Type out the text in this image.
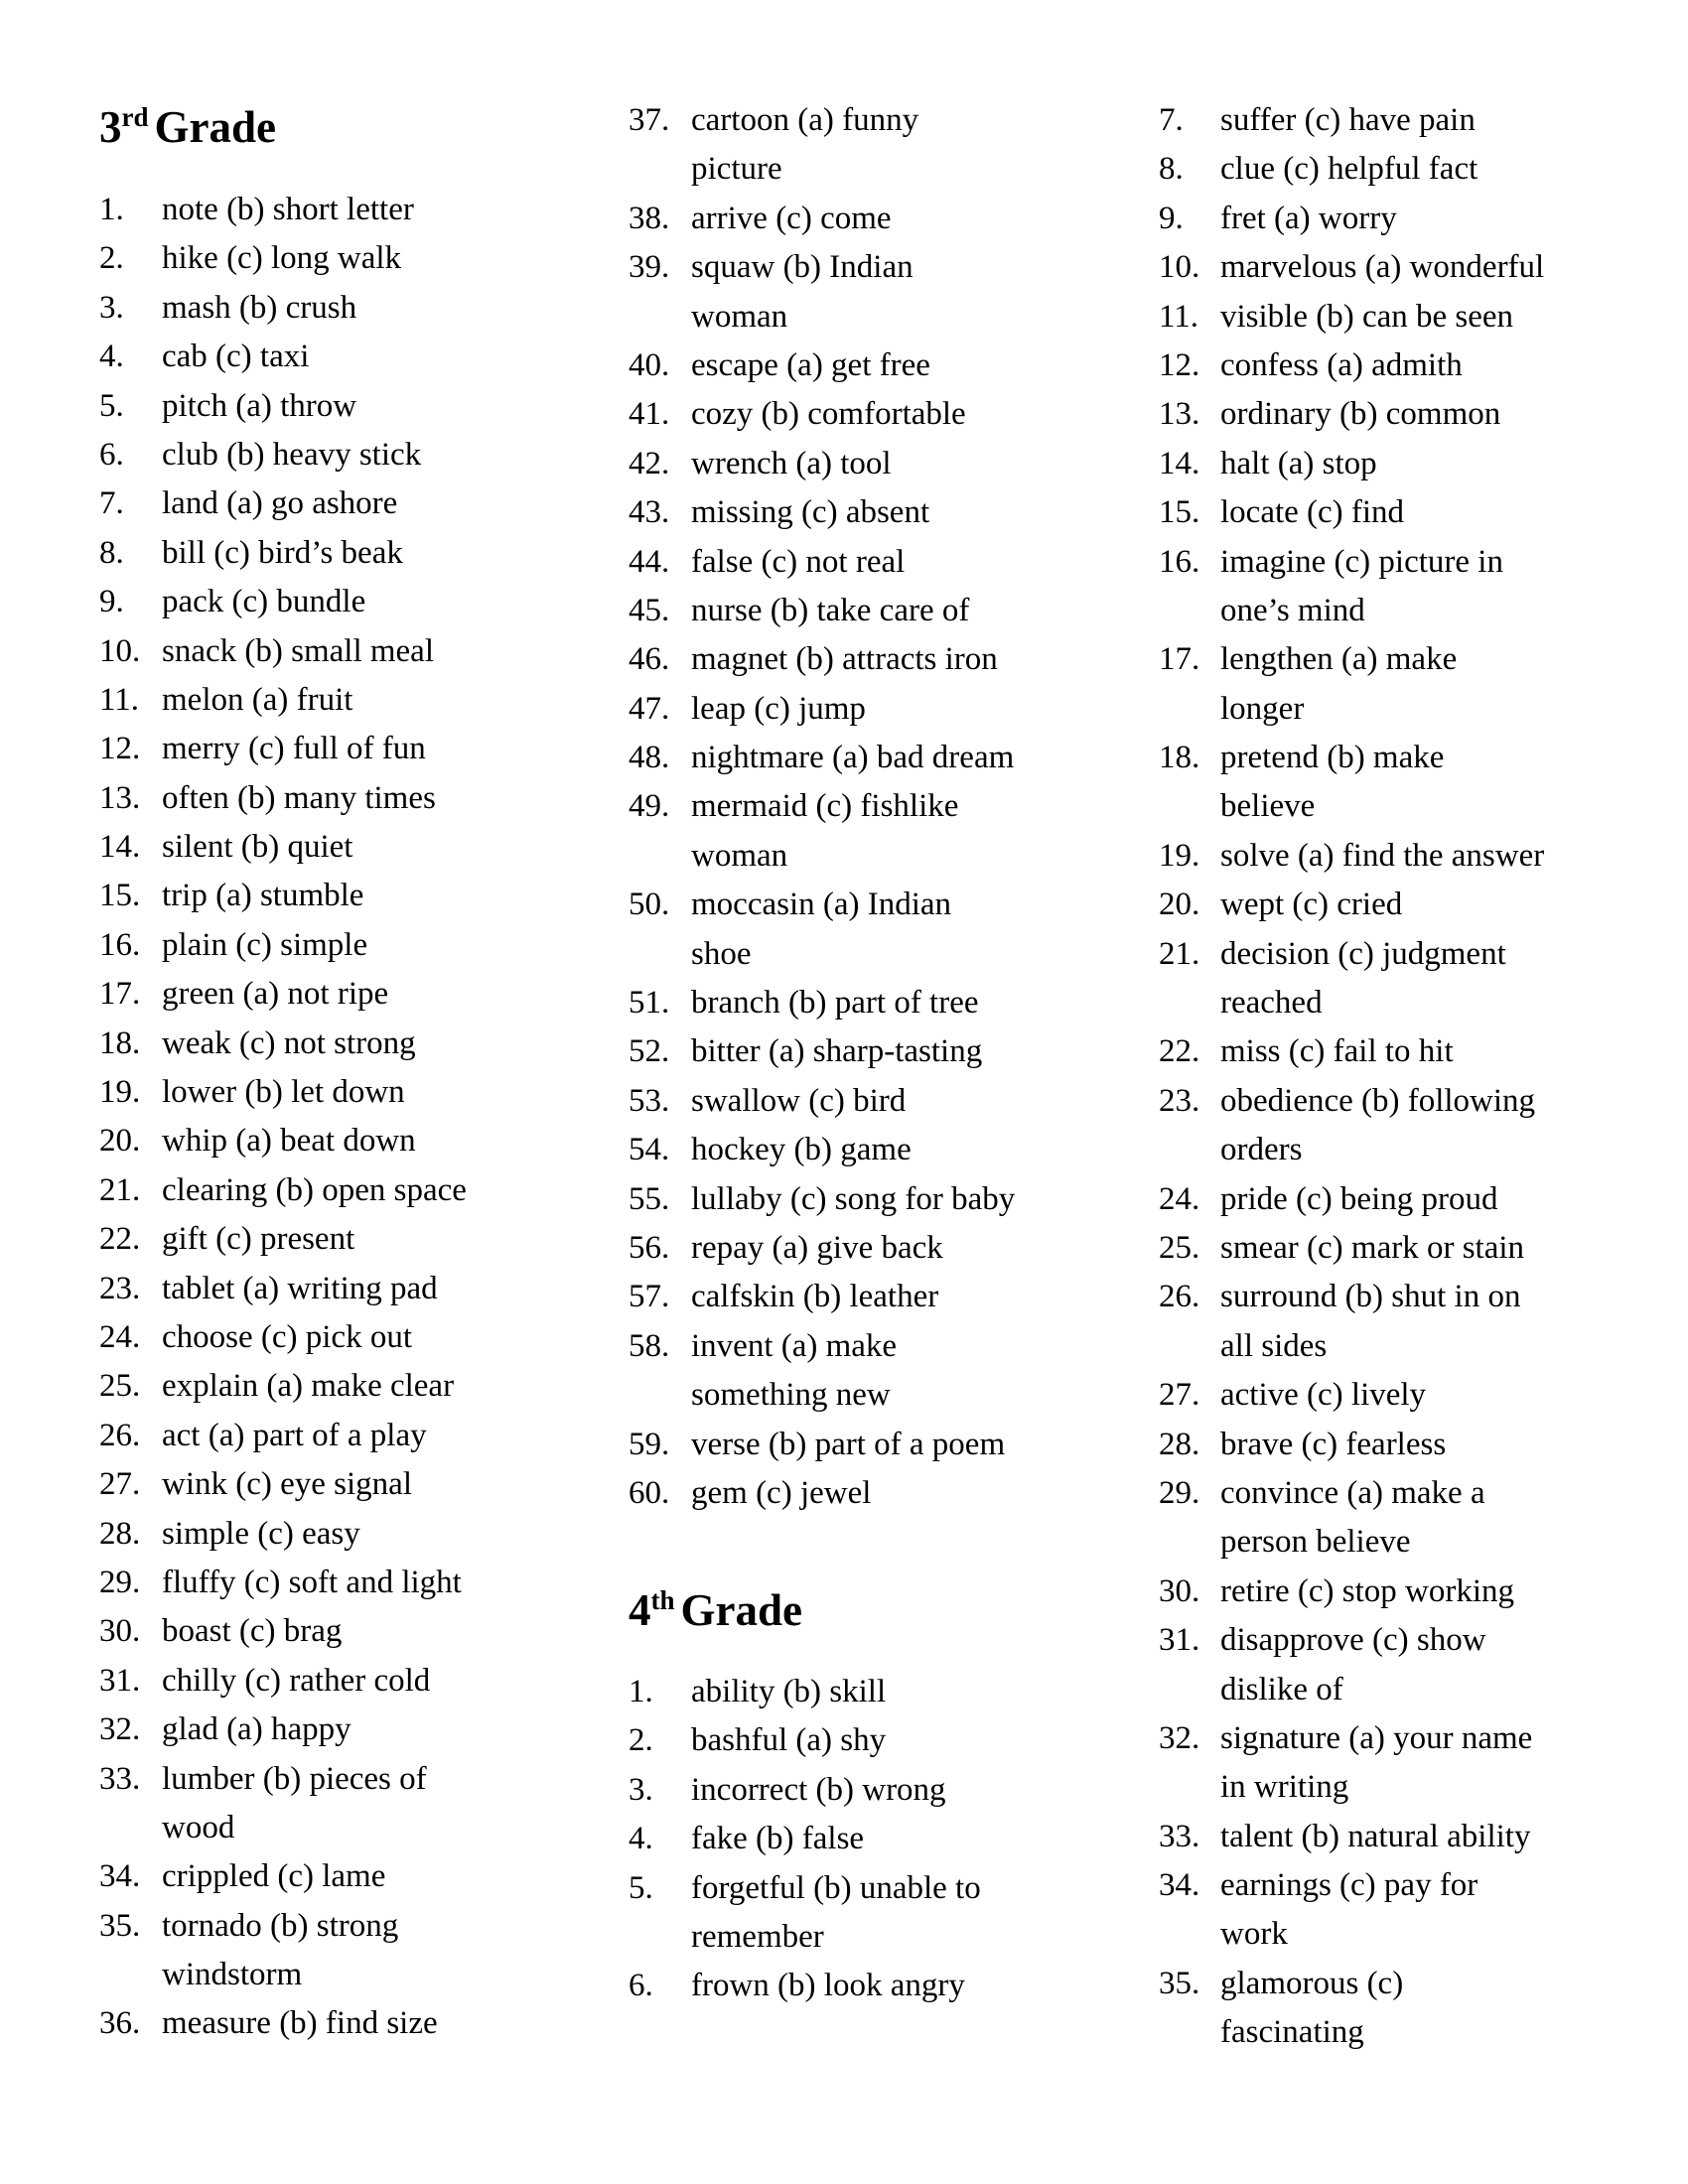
3rd Grade
1.	note (b) short letter
2.	hike (c) long walk
3.	mash (b) crush
4.	cab (c) taxi
5.	pitch (a) throw
6.	club (b) heavy stick
7.	land (a) go ashore
8.	bill (c) bird’s beak
9.	pack (c) bundle
10. snack (b) small meal
11. melon (a) fruit
12. merry (c) full of fun
13. often (b) many times
14. silent (b) quiet
15. trip (a) stumble
16. plain (c) simple
17. green (a) not ripe
18. weak (c) not strong
19. lower (b) let down
20. whip (a) beat down
21. clearing (b) open space
22. gift (c) present
23. tablet (a) writing pad
24. choose (c) pick out
25. explain (a) make clear
26. act (a) part of a play
27. wink (c) eye signal
28. simple (c) easy
29. fluffy (c) soft and light
30. boast (c) brag
31. chilly (c) rather cold
32. glad (a) happy
33. lumber (b) pieces of
wood
34. crippled (c) lame
35. tornado (b) strong
windstorm
36. measure (b) find size
37. cartoon (a) funny
picture
38. arrive (c) come
39. squaw (b) Indian
woman
40. escape (a) get free
41. cozy (b) comfortable
42. wrench (a) tool
43. missing (c) absent
44. false (c) not real
45. nurse (b) take care of
46. magnet (b) attracts iron
47. leap (c) jump
48. nightmare (a) bad dream
49. mermaid (c) fishlike
woman
50. moccasin (a) Indian
shoe
51. branch (b) part of tree
52. bitter (a) sharp-tasting
53. swallow (c) bird
54. hockey (b) game
55. lullaby (c) song for baby
56. repay (a) give back
57. calfskin (b) leather
58. invent (a) make
something new
59. verse (b) part of a poem
60. gem (c) jewel
4th Grade
1.	ability (b) skill
2.	bashful (a) shy
3.	incorrect (b) wrong
4.	fake (b) false
5.	forgetful (b) unable to
remember
6.	frown (b) look angry
7.	suffer (c) have pain
8.	clue (c) helpful fact
9.	fret (a) worry
10. marvelous (a) wonderful
11. visible (b) can be seen
12. confess (a) admith
13. ordinary (b) common
14. halt (a) stop
15. locate (c) find
16. imagine (c) picture in
one’s mind
17. lengthen (a) make
longer
18. pretend (b) make
believe
19. solve (a) find the answer
20. wept (c) cried
21. decision (c) judgment
reached
22. miss (c) fail to hit
23. obedience (b) following
orders
24. pride (c) being proud
25. smear (c) mark or stain
26. surround (b) shut in on
all sides
27. active (c) lively
28. brave (c) fearless
29. convince (a) make a
person believe
30. retire (c) stop working
31. disapprove (c) show
dislike of
32. signature (a) your name
in writing
33. talent (b) natural ability
34. earnings (c) pay for
work
35. glamorous (c)
fascinating
